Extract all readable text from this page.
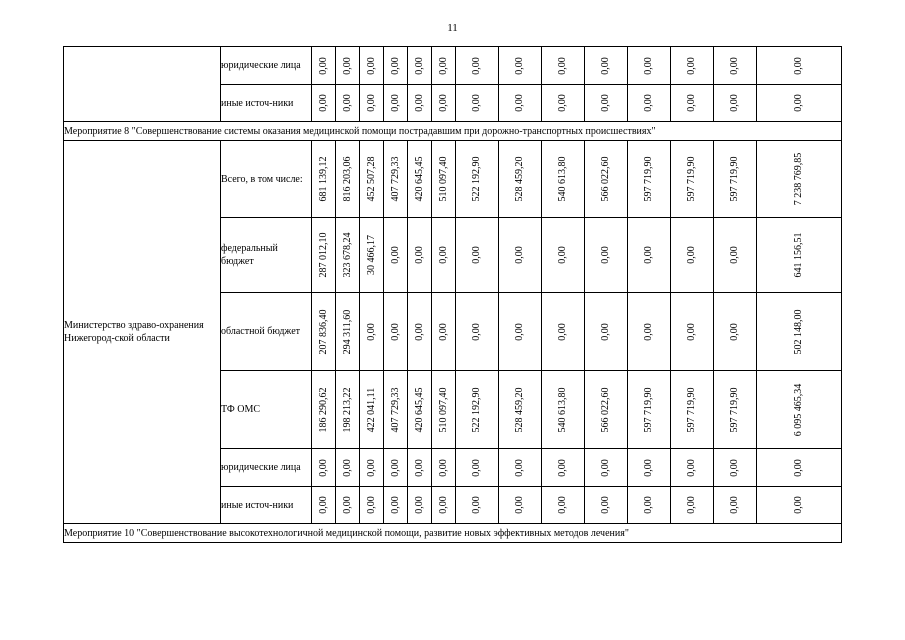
11
	юридические лица	0,00	0,00	0,00	0,00	0,00	0,00	0,00	0,00	0,00	0,00	0,00	0,00	0,00	0,00

	иные источ-ники	0,00	0,00	0,00	0,00	0,00	0,00	0,00	0,00	0,00	0,00	0,00	0,00	0,00	0,00

Мероприятие 8 "Совершенствование системы оказания медицинской помощи пострадавшим при дорожно-транспортных происшествиях"															
Министерство здраво-охранения Нижегород-ской области	Всего, в том числе:	681 139,12	816 203,06	452 507,28	407 729,33	420 645,45	510 097,40	522 192,90	528 459,20	540 613,80	566 022,60	597 719,90	597 719,90	597 719,90	7 238 769,85

	федеральный бюджет	287 012,10	323 678,24	30 466,17	0,00	0,00	0,00	0,00	0,00	0,00	0,00	0,00	0,00	0,00	641 156,51

	областной бюджет	207 836,40	294 311,60	0,00	0,00	0,00	0,00	0,00	0,00	0,00	0,00	0,00	0,00	0,00	502 148,00

	ТФ ОМС	186 290,62	198 213,22	422 041,11	407 729,33	420 645,45	510 097,40	522 192,90	528 459,20	540 613,80	566 022,60	597 719,90	597 719,90	597 719,90	6 095 465,34

	юридические лица	0,00	0,00	0,00	0,00	0,00	0,00	0,00	0,00	0,00	0,00	0,00	0,00	0,00	0,00

	иные источ-ники	0,00	0,00	0,00	0,00	0,00	0,00	0,00	0,00	0,00	0,00	0,00	0,00	0,00	0,00

Мероприятие 10 "Совершенствование высокотехнологичной медицинской помощи, развитие новых эффективных методов лечения"															
